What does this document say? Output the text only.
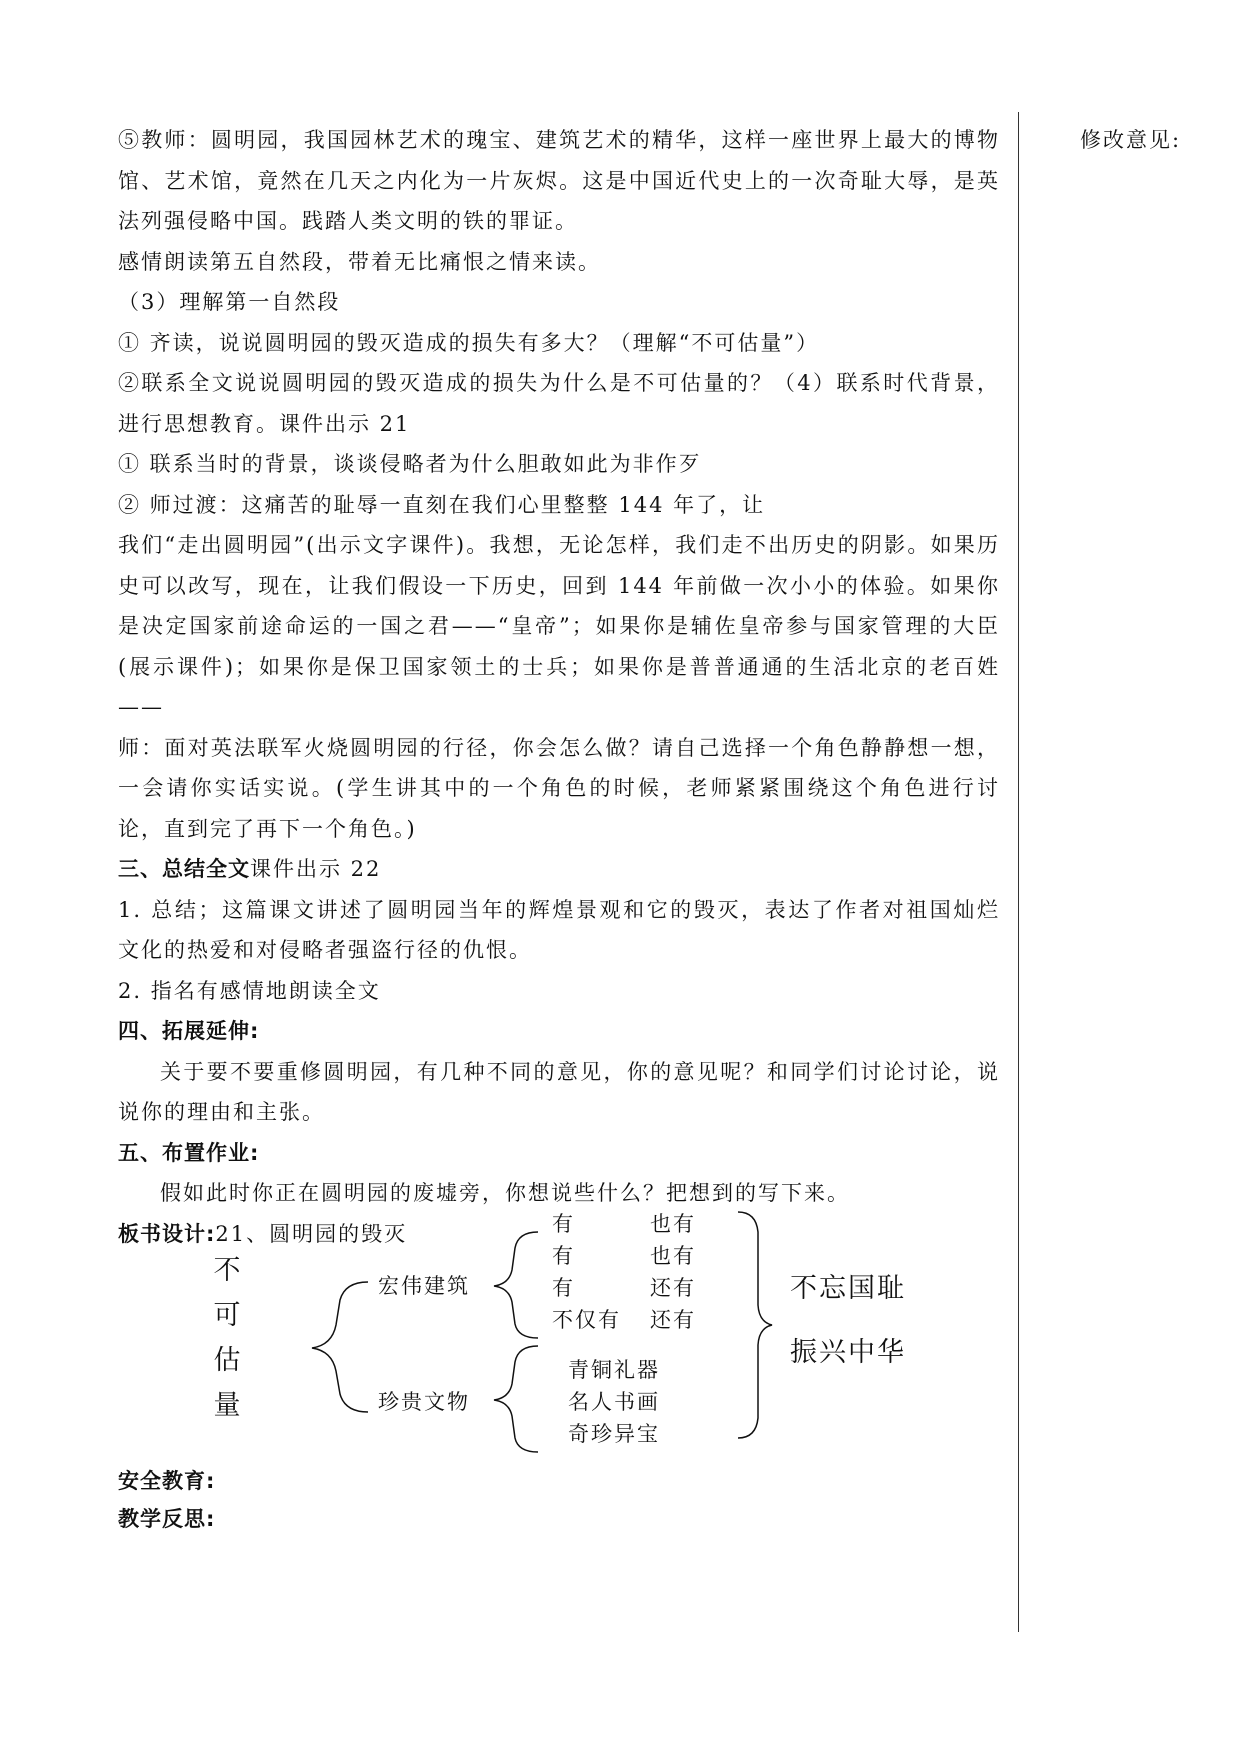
修改意见:

⑤教师：圆明园，我国园林艺术的瑰宝、建筑艺术的精华，这样一座世界上最大的博物馆、艺术馆，竟然在几天之内化为一片灰烬。这是中国近代史上的一次奇耻大辱，是英法列强侵略中国。践踏人类文明的铁的罪证。

感情朗读第五自然段，带着无比痛恨之情来读。

（3）理解第一自然段

① 齐读，说说圆明园的毁灭造成的损失有多大？（理解“不可估量”）

②联系全文说说圆明园的毁灭造成的损失为什么是不可估量的？（4）联系时代背景，进行思想教育。课件出示 21

① 联系当时的背景，谈谈侵略者为什么胆敢如此为非作歹

② 师过渡：这痛苦的耻辱一直刻在我们心里整整 144 年了，让

我们“走出圆明园”(出示文字课件)。我想，无论怎样，我们走不出历史的阴影。如果历史可以改写，现在，让我们假设一下历史，回到 144 年前做一次小小的体验。如果你是决定国家前途命运的一国之君——“皇帝”；如果你是辅佐皇帝参与国家管理的大臣(展示课件)；如果你是保卫国家领土的士兵；如果你是普普通通的生活北京的老百姓——

师：面对英法联军火烧圆明园的行径，你会怎么做？请自己选择一个角色静静想一想，一会请你实话实说。(学生讲其中的一个角色的时候，老师紧紧围绕这个角色进行讨论，直到完了再下一个角色。)

三、总结全文课件出示 22

1. 总结；这篇课文讲述了圆明园当年的辉煌景观和它的毁灭，表达了作者对祖国灿烂文化的热爱和对侵略者强盗行径的仇恨。

2. 指名有感情地朗读全文

四、拓展延伸:

关于要不要重修圆明园，有几种不同的意见，你的意见呢？和同学们讨论讨论，说说你的理由和主张。

五、布置作业:

假如此时你正在圆明园的废墟旁，你想说些什么？把想到的写下来。

板书设计:21、圆明园的毁灭

不
可
估
量
宏伟建筑
珍贵文物
有	也有
有	也有
有	还有
不仅有 还有
青铜礼器
名人书画
奇珍异宝
不忘国耻
振兴中华
安全教育:
教学反思:
